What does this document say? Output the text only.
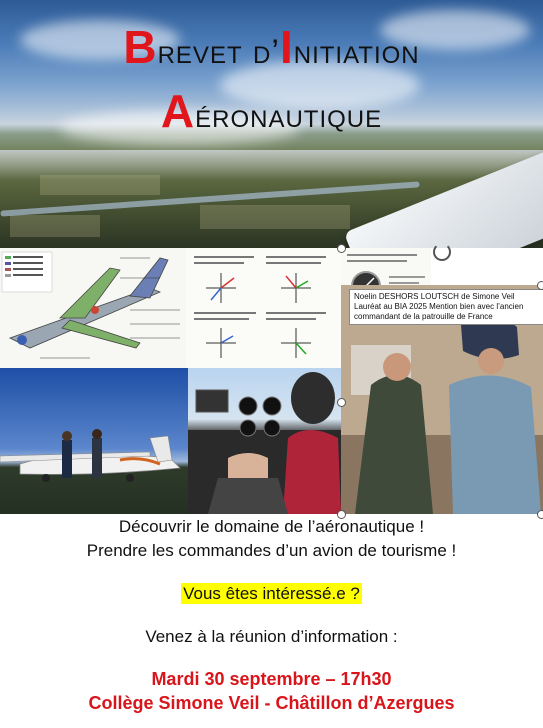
Brevet d’Initiation
Aéronautique
Noelin DESHORS LOUTSCH de Simone Veil Lauréat au BIA 2025 Mention bien avec l’ancien commandant de la patrouille de France

Découvrir le domaine de l’aéronautique !

Prendre les commandes d’un avion de tourisme !

Vous êtes intéressé.e ?

Venez à la réunion d’information :

Mardi 30 septembre – 17h30

Collège Simone Veil - Châtillon d’Azergues
